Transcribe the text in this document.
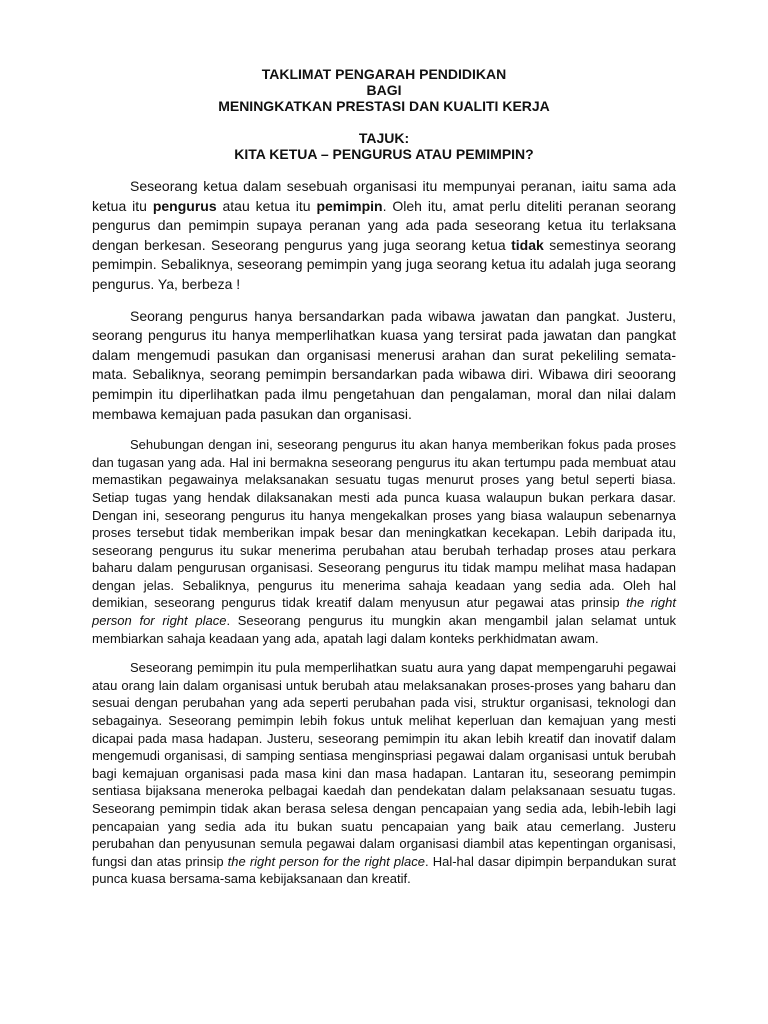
TAKLIMAT PENGARAH PENDIDIKAN
BAGI
MENINGKATKAN PRESTASI DAN KUALITI KERJA
TAJUK:
KITA KETUA – PENGURUS ATAU PEMIMPIN?

Seseorang ketua dalam sesebuah organisasi itu mempunyai peranan, iaitu sama ada ketua itu pengurus atau ketua itu pemimpin. Oleh itu, amat perlu diteliti peranan seorang pengurus dan pemimpin supaya peranan yang ada pada seseorang ketua itu terlaksana dengan berkesan. Seseorang pengurus yang juga seorang ketua tidak semestinya seorang pemimpin. Sebaliknya, seseorang pemimpin yang juga seorang ketua itu adalah juga seorang pengurus. Ya, berbeza !

Seorang pengurus hanya bersandarkan pada wibawa jawatan dan pangkat. Justeru, seorang pengurus itu hanya memperlihatkan kuasa yang tersirat pada jawatan dan pangkat dalam mengemudi pasukan dan organisasi menerusi arahan dan surat pekeliling semata-mata. Sebaliknya, seorang pemimpin bersandarkan pada wibawa diri. Wibawa diri seoorang pemimpin itu diperlihatkan pada ilmu pengetahuan dan pengalaman, moral dan nilai dalam membawa kemajuan pada pasukan dan organisasi.

Sehubungan dengan ini, seseorang pengurus itu akan hanya memberikan fokus pada proses dan tugasan yang ada. Hal ini bermakna seseorang pengurus itu akan tertumpu pada membuat atau memastikan pegawainya melaksanakan sesuatu tugas menurut proses yang betul seperti biasa. Setiap tugas yang hendak dilaksanakan mesti ada punca kuasa walaupun bukan perkara dasar. Dengan ini, seseorang pengurus itu hanya mengekalkan proses yang biasa walaupun sebenarnya proses tersebut tidak memberikan impak besar dan meningkatkan kecekapan. Lebih daripada itu, seseorang pengurus itu sukar menerima perubahan atau berubah terhadap proses atau perkara baharu dalam pengurusan organisasi. Seseorang pengurus itu tidak mampu melihat masa hadapan dengan jelas. Sebaliknya, pengurus itu menerima sahaja keadaan yang sedia ada. Oleh hal demikian, seseorang pengurus tidak kreatif dalam menyusun atur pegawai atas prinsip the right person for right place. Seseorang pengurus itu mungkin akan mengambil jalan selamat untuk membiarkan sahaja keadaan yang ada, apatah lagi dalam konteks perkhidmatan awam.

Seseorang pemimpin itu pula memperlihatkan suatu aura yang dapat mempengaruhi pegawai atau orang lain dalam organisasi untuk berubah atau melaksanakan proses-proses yang baharu dan sesuai dengan perubahan yang ada seperti perubahan pada visi, struktur organisasi, teknologi dan sebagainya. Seseorang pemimpin lebih fokus untuk melihat keperluan dan kemajuan yang mesti dicapai pada masa hadapan. Justeru, seseorang pemimpin itu akan lebih kreatif dan inovatif dalam mengemudi organisasi, di samping sentiasa menginspriasi pegawai dalam organisasi untuk berubah bagi kemajuan organisasi pada masa kini dan masa hadapan. Lantaran itu, seseorang pemimpin sentiasa bijaksana meneroka pelbagai kaedah dan pendekatan dalam pelaksanaan sesuatu tugas. Seseorang pemimpin tidak akan berasa selesa dengan pencapaian yang sedia ada, lebih-lebih lagi pencapaian yang sedia ada itu bukan suatu pencapaian yang baik atau cemerlang. Justeru perubahan dan penyusunan semula pegawai dalam organisasi diambil atas kepentingan organisasi, fungsi dan atas prinsip the right person for the right place. Hal-hal dasar dipimpin berpandukan surat punca kuasa bersama-sama kebijaksanaan dan kreatif.
